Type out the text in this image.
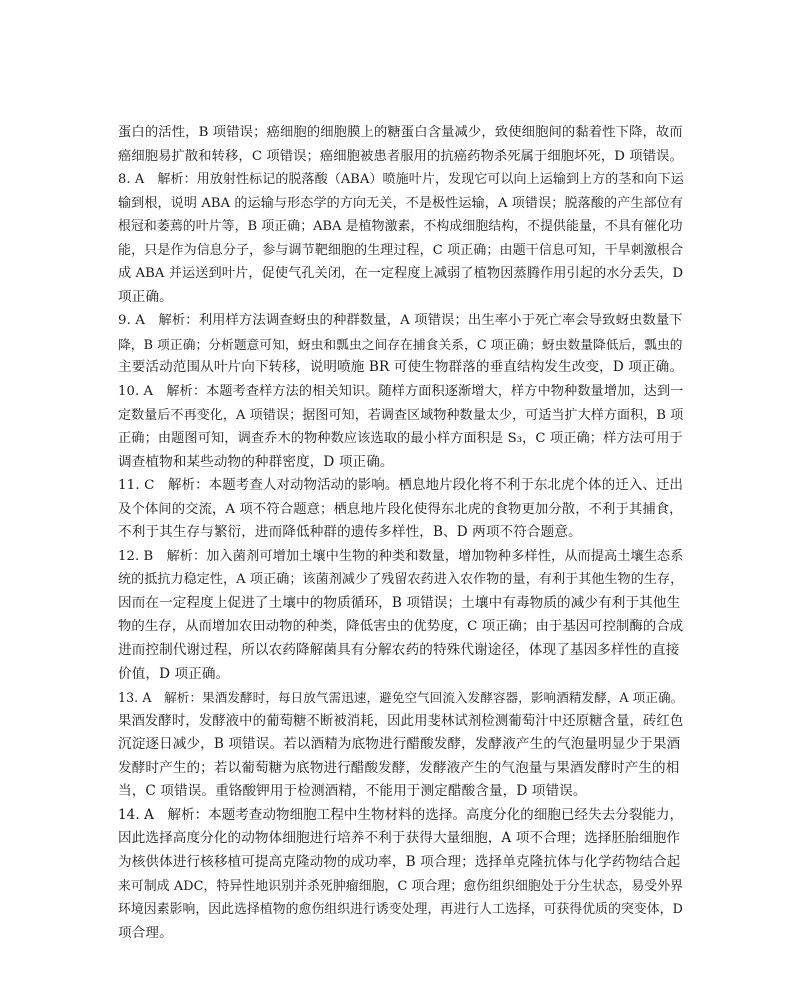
蛋白的活性，B 项错误；癌细胞的细胞膜上的糖蛋白含量减少，致使细胞间的黏着性下降，故而
癌细胞易扩散和转移，C 项错误；癌细胞被患者服用的抗癌药物杀死属于细胞坏死，D 项错误。
8. A　解析：用放射性标记的脱落酸（ABA）喷施叶片，发现它可以向上运输到上方的茎和向下运
输到根，说明 ABA 的运输与形态学的方向无关，不是极性运输，A 项错误；脱落酸的产生部位有
根冠和萎蔫的叶片等，B 项正确；ABA 是植物激素，不构成细胞结构，不提供能量，不具有催化功
能，只是作为信息分子，参与调节靶细胞的生理过程，C 项正确；由题干信息可知，干旱刺激根合
成 ABA 并运送到叶片，促使气孔关闭，在一定程度上减弱了植物因蒸腾作用引起的水分丢失，D
项正确。
9. A　解析：利用样方法调查蚜虫的种群数量，A 项错误；出生率小于死亡率会导致蚜虫数量下
降，B 项正确；分析题意可知，蚜虫和瓢虫之间存在捕食关系，C 项正确；蚜虫数量降低后，瓢虫的
主要活动范围从叶片向下转移，说明喷施 BR 可使生物群落的垂直结构发生改变，D 项正确。
10. A　解析：本题考查样方法的相关知识。随样方面积逐渐增大，样方中物种数量增加，达到一
定数量后不再变化，A 项错误；据图可知，若调查区域物种数量太少，可适当扩大样方面积，B 项
正确；由题图可知，调查乔木的物种数应该选取的最小样方面积是 S₃，C 项正确；样方法可用于
调查植物和某些动物的种群密度，D 项正确。
11. C　解析：本题考查人对动物活动的影响。栖息地片段化将不利于东北虎个体的迁入、迁出
及个体间的交流，A 项不符合题意；栖息地片段化使得东北虎的食物更加分散，不利于其捕食，
不利于其生存与繁衍，进而降低种群的遗传多样性，B、D 两项不符合题意。
12. B　解析：加入菌剂可增加土壤中生物的种类和数量，增加物种多样性，从而提高土壤生态系
统的抵抗力稳定性，A 项正确；该菌剂减少了残留农药进入农作物的量，有利于其他生物的生存，
因而在一定程度上促进了土壤中的物质循环，B 项错误；土壤中有毒物质的减少有利于其他生
物的生存，从而增加农田动物的种类，降低害虫的优势度，C 项正确；由于基因可控制酶的合成
进而控制代谢过程，所以农药降解菌具有分解农药的特殊代谢途径，体现了基因多样性的直接
价值，D 项正确。
13. A　解析：果酒发酵时，每日放气需迅速，避免空气回流入发酵容器，影响酒精发酵，A 项正确。
果酒发酵时，发酵液中的葡萄糖不断被消耗，因此用斐林试剂检测葡萄汁中还原糖含量，砖红色
沉淀逐日减少，B 项错误。若以酒精为底物进行醋酸发酵，发酵液产生的气泡量明显少于果酒
发酵时产生的；若以葡萄糖为底物进行醋酸发酵，发酵液产生的气泡量与果酒发酵时产生的相
当，C 项错误。重铬酸钾用于检测酒精，不能用于测定醋酸含量，D 项错误。
14. A　解析：本题考查动物细胞工程中生物材料的选择。高度分化的细胞已经失去分裂能力，
因此选择高度分化的动物体细胞进行培养不利于获得大量细胞，A 项不合理；选择胚胎细胞作
为核供体进行核移植可提高克隆动物的成功率，B 项合理；选择单克隆抗体与化学药物结合起
来可制成 ADC，特异性地识别并杀死肿瘤细胞，C 项合理；愈伤组织细胞处于分生状态，易受外界
环境因素影响，因此选择植物的愈伤组织进行诱变处理，再进行人工选择，可获得优质的突变体，D
项合理。
